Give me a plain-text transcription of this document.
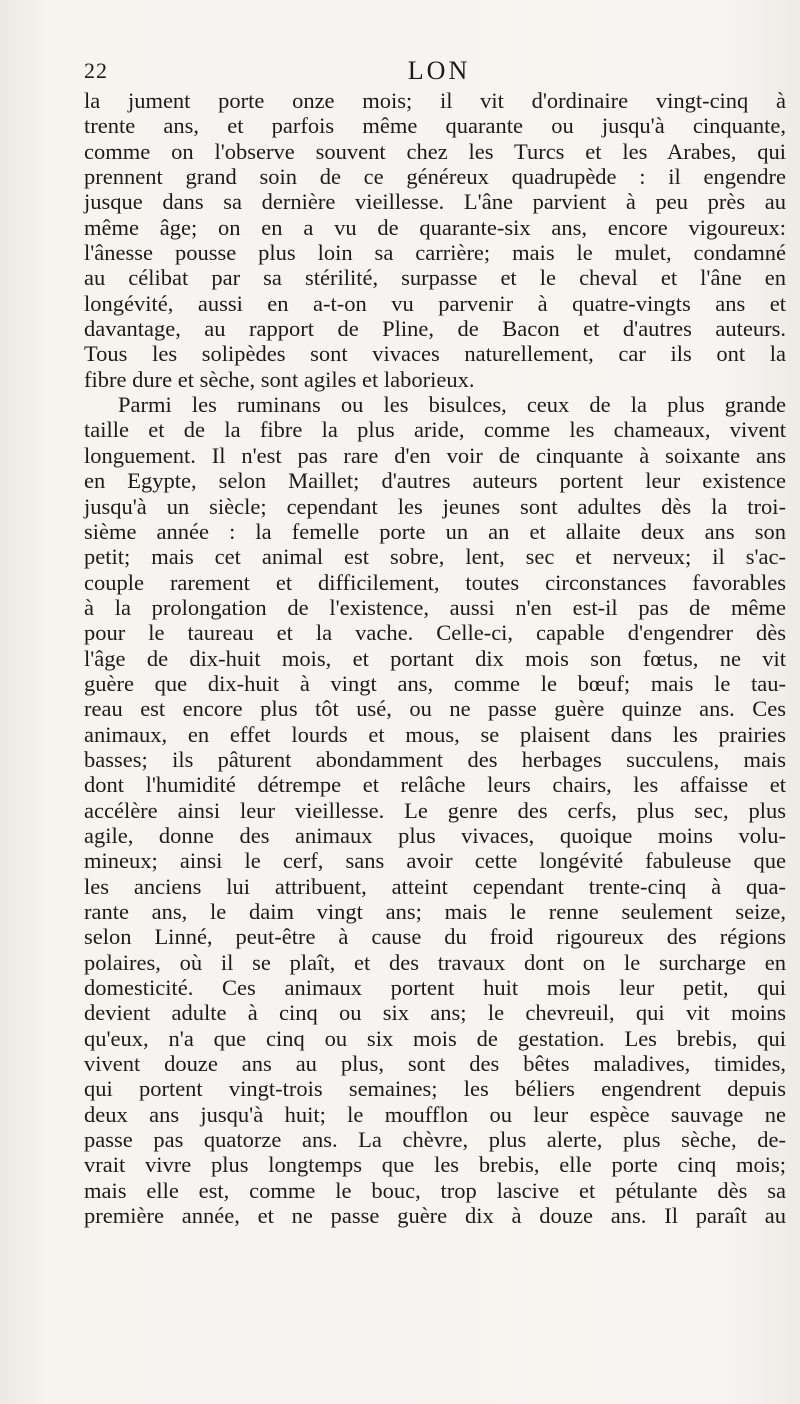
22	LON
la jument porte onze mois; il vit d'ordinaire vingt-cinq à
trente ans, et parfois même quarante ou jusqu'à cinquante,
comme on l'observe souvent chez les Turcs et les Arabes, qui
prennent grand soin de ce généreux quadrupède : il engendre
jusque dans sa dernière vieillesse. L'âne parvient à peu près au
même âge; on en a vu de quarante-six ans, encore vigoureux:
l'ânesse pousse plus loin sa carrière; mais le mulet, condamné
au célibat par sa stérilité, surpasse et le cheval et l'âne en
longévité, aussi en a-t-on vu parvenir à quatre-vingts ans et
davantage, au rapport de Pline, de Bacon et d'autres auteurs.
Tous les solipèdes sont vivaces naturellement, car ils ont la
fibre dure et sèche, sont agiles et laborieux.
Parmi les ruminans ou les bisulces, ceux de la plus grande
taille et de la fibre la plus aride, comme les chameaux, vivent
longuement. Il n'est pas rare d'en voir de cinquante à soixante ans
en Egypte, selon Maillet; d'autres auteurs portent leur existence
jusqu'à un siècle; cependant les jeunes sont adultes dès la troi-
sième année : la femelle porte un an et allaite deux ans son
petit; mais cet animal est sobre, lent, sec et nerveux; il s'ac-
couple rarement et difficilement, toutes circonstances favorables
à la prolongation de l'existence, aussi n'en est-il pas de même
pour le taureau et la vache. Celle-ci, capable d'engendrer dès
l'âge de dix-huit mois, et portant dix mois son fœtus, ne vit
guère que dix-huit à vingt ans, comme le bœuf; mais le tau-
reau est encore plus tôt usé, ou ne passe guère quinze ans. Ces
animaux, en effet lourds et mous, se plaisent dans les prairies
basses; ils pâturent abondamment des herbages succulens, mais
dont l'humidité détrempe et relâche leurs chairs, les affaisse et
accélère ainsi leur vieillesse. Le genre des cerfs, plus sec, plus
agile, donne des animaux plus vivaces, quoique moins volu-
mineux; ainsi le cerf, sans avoir cette longévité fabuleuse que
les anciens lui attribuent, atteint cependant trente-cinq à qua-
rante ans, le daim vingt ans; mais le renne seulement seize,
selon Linné, peut-être à cause du froid rigoureux des régions
polaires, où il se plaît, et des travaux dont on le surcharge en
domesticité. Ces animaux portent huit mois leur petit, qui
devient adulte à cinq ou six ans; le chevreuil, qui vit moins
qu'eux, n'a que cinq ou six mois de gestation. Les brebis, qui
vivent douze ans au plus, sont des bêtes maladives, timides,
qui portent vingt-trois semaines; les béliers engendrent depuis
deux ans jusqu'à huit; le moufflon ou leur espèce sauvage ne
passe pas quatorze ans. La chèvre, plus alerte, plus sèche, de-
vrait vivre plus longtemps que les brebis, elle porte cinq mois;
mais elle est, comme le bouc, trop lascive et pétulante dès sa
première année, et ne passe guère dix à douze ans. Il paraît au
